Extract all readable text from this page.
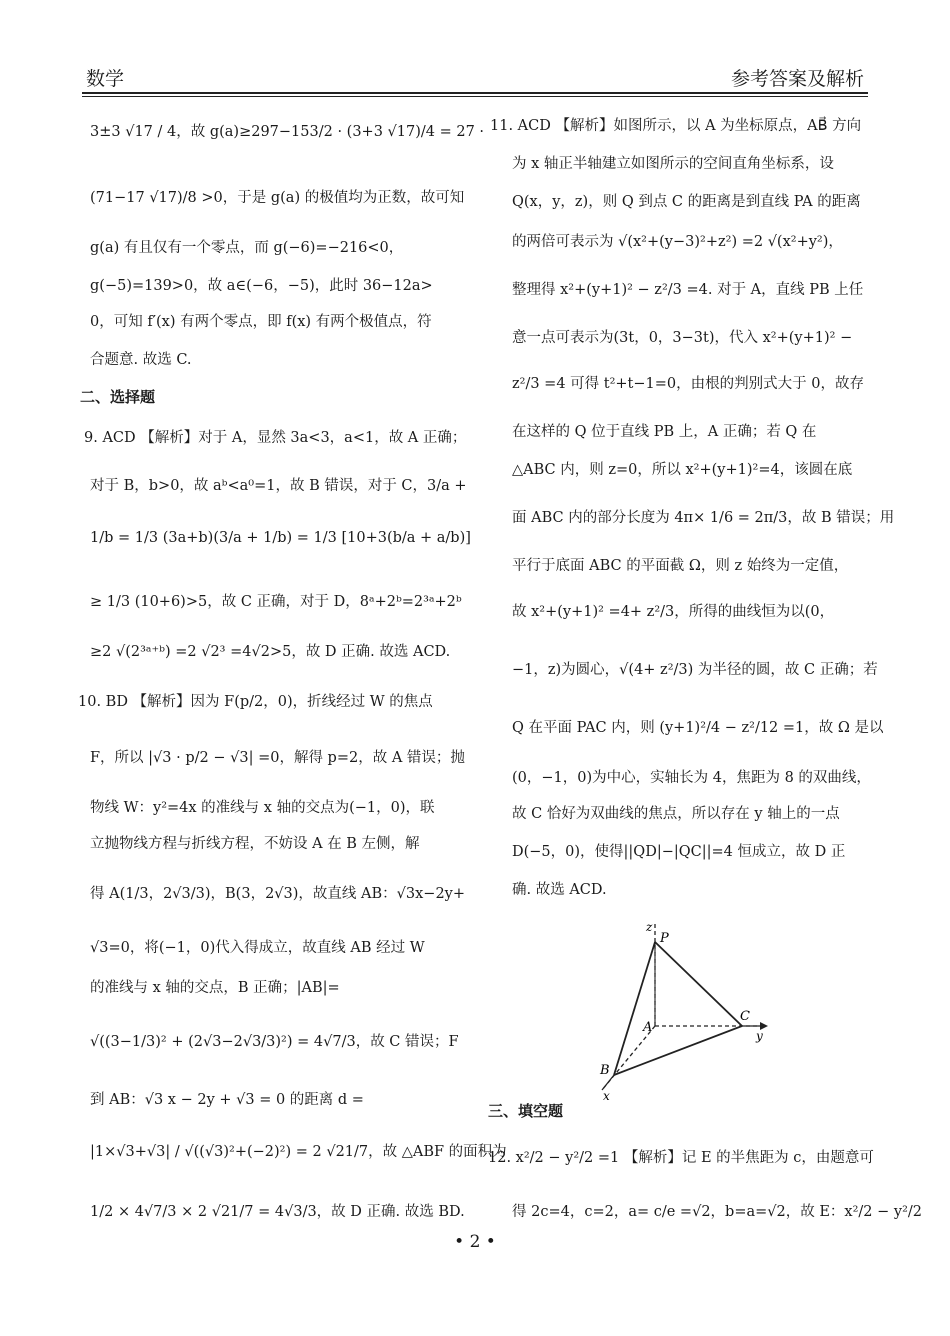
数学	参考答案及解析
3±3 √17 / 4，故 g(a)≥297−153/2 · (3+3 √17)/4 = 27 ·
(71−17 √17)/8 >0，于是 g(a) 的极值均为正数，故可知
g(a) 有且仅有一个零点，而 g(−6)=−216<0，
g(−5)=139>0，故 a∈(−6，−5)，此时 36−12a>
0，可知 f′(x) 有两个零点，即 f(x) 有两个极值点，符
合题意. 故选 C.
二、选择题
9. ACD 【解析】对于 A，显然 3a<3，a<1，故 A 正确；
对于 B，b>0，故 aᵇ<a⁰=1，故 B 错误，对于 C，3/a +
1/b = 1/3 (3a+b)(3/a + 1/b) = 1/3 [10+3(b/a + a/b)]
≥ 1/3 (10+6)>5，故 C 正确，对于 D，8ᵃ+2ᵇ=2³ᵃ+2ᵇ
≥2 √(2³ᵃ⁺ᵇ) =2 √2³ =4√2>5，故 D 正确. 故选 ACD.
10. BD 【解析】因为 F(p/2，0)，折线经过 W 的焦点
F，所以 |√3 · p/2 − √3| =0，解得 p=2，故 A 错误；抛
物线 W：y²=4x 的准线与 x 轴的交点为(−1，0)，联
立抛物线方程与折线方程，不妨设 A 在 B 左侧，解
得 A(1/3，2√3/3)，B(3，2√3)，故直线 AB：√3x−2y+
√3=0，将(−1，0)代入得成立，故直线 AB 经过 W
的准线与 x 轴的交点，B 正确；|AB|=
√((3−1/3)² + (2√3−2√3/3)²) = 4√7/3，故 C 错误；F
到 AB：√3 x − 2y + √3 = 0 的距离 d =
|1×√3+√3| / √((√3)²+(−2)²) = 2 √21/7，故 △ABF 的面积为
1/2 × 4√7/3 × 2 √21/7 = 4√3/3，故 D 正确. 故选 BD.
11. ACD 【解析】如图所示，以 A 为坐标原点，AB⃗ 方向
为 x 轴正半轴建立如图所示的空间直角坐标系，设
Q(x，y，z)，则 Q 到点 C 的距离是到直线 PA 的距离
的两倍可表示为 √(x²+(y−3)²+z²) =2 √(x²+y²)，
整理得 x²+(y+1)² − z²/3 =4. 对于 A，直线 PB 上任
意一点可表示为(3t，0，3−3t)，代入 x²+(y+1)² −
z²/3 =4 可得 t²+t−1=0，由根的判别式大于 0，故存
在这样的 Q 位于直线 PB 上，A 正确；若 Q 在
△ABC 内，则 z=0，所以 x²+(y+1)²=4，该圆在底
面 ABC 内的部分长度为 4π× 1/6 = 2π/3，故 B 错误；用
平行于底面 ABC 的平面截 Ω，则 z 始终为一定值，
故 x²+(y+1)² =4+ z²/3，所得的曲线恒为以(0，
−1，z)为圆心，√(4+ z²/3) 为半径的圆，故 C 正确；若
Q 在平面 PAC 内，则 (y+1)²/4 − z²/12 =1，故 Ω 是以
(0，−1，0)为中心，实轴长为 4，焦距为 8 的双曲线，
故 C 恰好为双曲线的焦点，所以存在 y 轴上的一点
D(−5，0)，使得||QD|−|QC||=4 恒成立，故 D 正
确. 故选 ACD.
三、填空题
12. x²/2 − y²/2 =1 【解析】记 E 的半焦距为 c，由题意可
得 2c=4，c=2，a= c/e =√2，b=a=√2，故 E：x²/2 − y²/2
z
P
A
C
y
B
x
• 2 •
